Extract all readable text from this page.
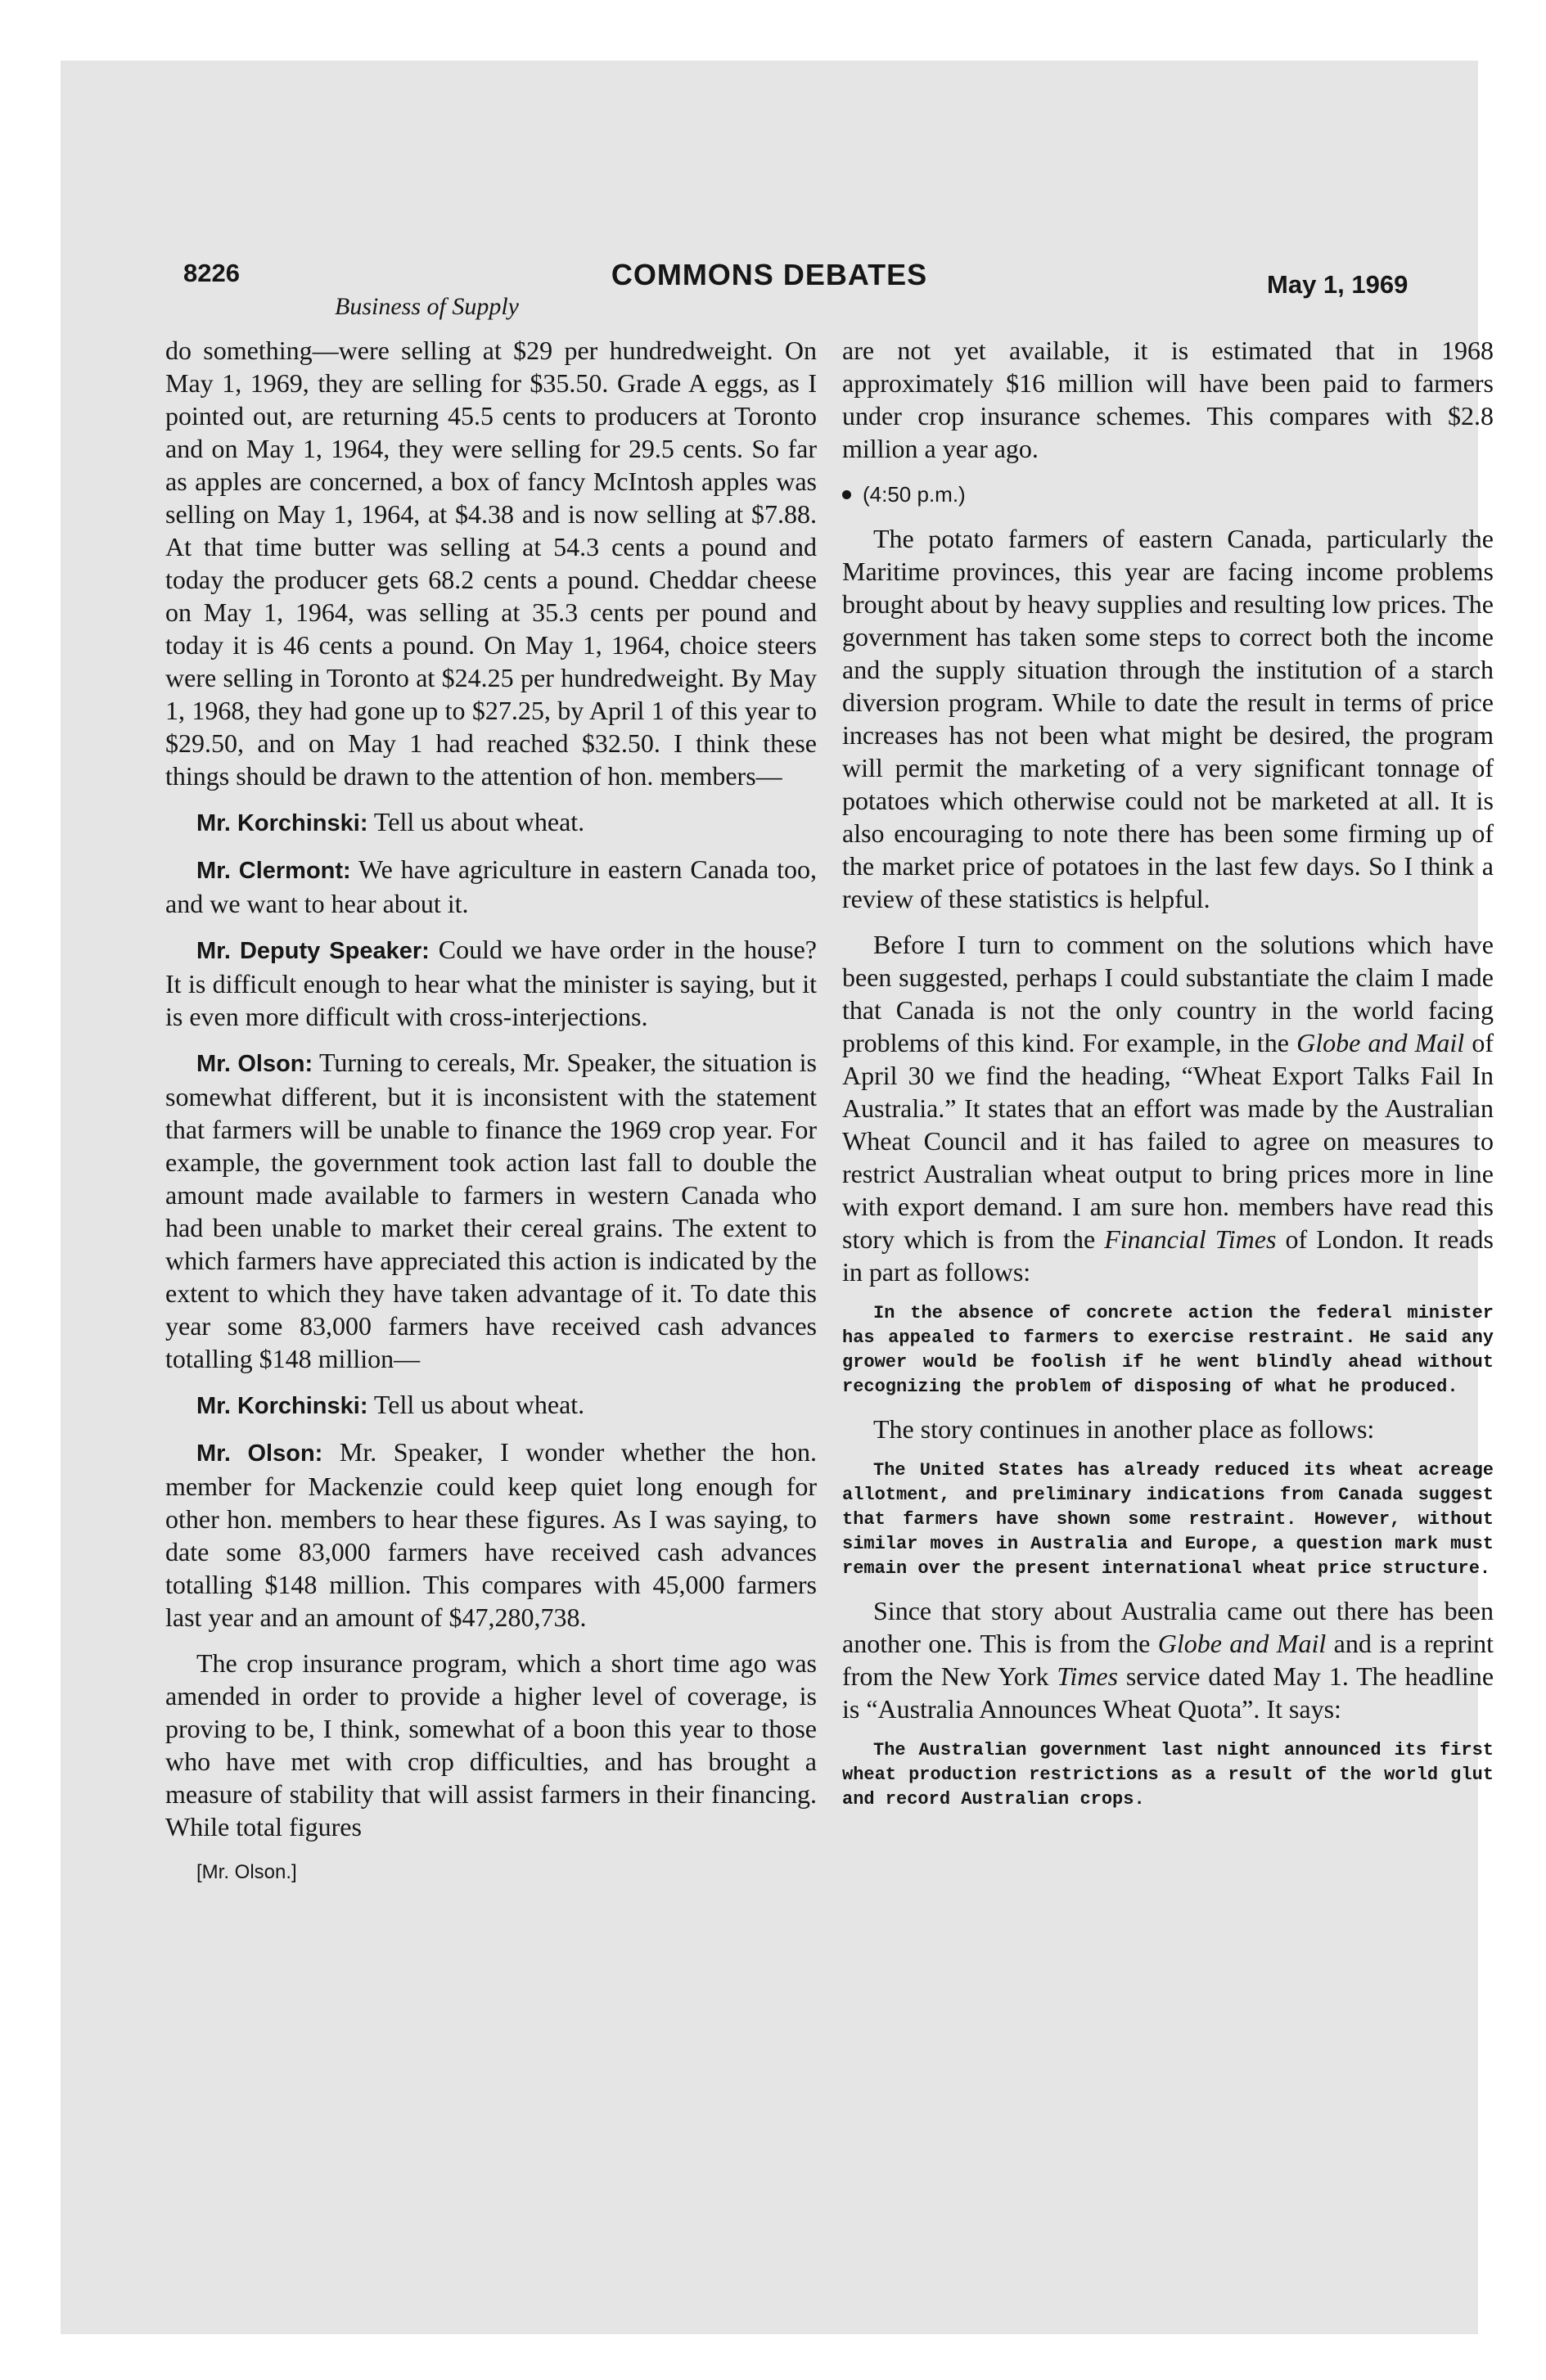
8226	COMMONS DEBATES	May 1, 1969
Business of Supply

do something—were selling at $29 per hundredweight. On May 1, 1969, they are selling for $35.50. Grade A eggs, as I pointed out, are returning 45.5 cents to producers at Toronto and on May 1, 1964, they were selling for 29.5 cents. So far as apples are concerned, a box of fancy McIntosh apples was selling on May 1, 1964, at $4.38 and is now selling at $7.88. At that time butter was selling at 54.3 cents a pound and today the producer gets 68.2 cents a pound. Cheddar cheese on May 1, 1964, was selling at 35.3 cents per pound and today it is 46 cents a pound. On May 1, 1964, choice steers were selling in Toronto at $24.25 per hundredweight. By May 1, 1968, they had gone up to $27.25, by April 1 of this year to $29.50, and on May 1 had reached $32.50. I think these things should be drawn to the attention of hon. members—

Mr. Korchinski: Tell us about wheat.

Mr. Clermont: We have agriculture in eastern Canada too, and we want to hear about it.

Mr. Deputy Speaker: Could we have order in the house? It is difficult enough to hear what the minister is saying, but it is even more difficult with cross-interjections.

Mr. Olson: Turning to cereals, Mr. Speaker, the situation is somewhat different, but it is inconsistent with the statement that farmers will be unable to finance the 1969 crop year. For example, the government took action last fall to double the amount made available to farmers in western Canada who had been unable to market their cereal grains. The extent to which farmers have appreciated this action is indicated by the extent to which they have taken advantage of it. To date this year some 83,000 farmers have received cash advances totalling $148 million—

Mr. Korchinski: Tell us about wheat.

Mr. Olson: Mr. Speaker, I wonder whether the hon. member for Mackenzie could keep quiet long enough for other hon. members to hear these figures. As I was saying, to date some 83,000 farmers have received cash advances totalling $148 million. This compares with 45,000 farmers last year and an amount of $47,280,738.

The crop insurance program, which a short time ago was amended in order to provide a higher level of coverage, is proving to be, I think, somewhat of a boon this year to those who have met with crop difficulties, and has brought a measure of stability that will assist farmers in their financing. While total figures

[Mr. Olson.]

are not yet available, it is estimated that in 1968 approximately $16 million will have been paid to farmers under crop insurance schemes. This compares with $2.8 million a year ago.

(4:50 p.m.)

The potato farmers of eastern Canada, particularly the Maritime provinces, this year are facing income problems brought about by heavy supplies and resulting low prices. The government has taken some steps to correct both the income and the supply situation through the institution of a starch diversion program. While to date the result in terms of price increases has not been what might be desired, the program will permit the marketing of a very significant tonnage of potatoes which otherwise could not be marketed at all. It is also encouraging to note there has been some firming up of the market price of potatoes in the last few days. So I think a review of these statistics is helpful.

Before I turn to comment on the solutions which have been suggested, perhaps I could substantiate the claim I made that Canada is not the only country in the world facing problems of this kind. For example, in the Globe and Mail of April 30 we find the heading, “Wheat Export Talks Fail In Australia.” It states that an effort was made by the Australian Wheat Council and it has failed to agree on measures to restrict Australian wheat output to bring prices more in line with export demand. I am sure hon. members have read this story which is from the Financial Times of London. It reads in part as follows:

In the absence of concrete action the federal minister has appealed to farmers to exercise restraint. He said any grower would be foolish if he went blindly ahead without recognizing the problem of disposing of what he produced.

The story continues in another place as follows:

The United States has already reduced its wheat acreage allotment, and preliminary indications from Canada suggest that farmers have shown some restraint. However, without similar moves in Australia and Europe, a question mark must remain over the present international wheat price structure.

Since that story about Australia came out there has been another one. This is from the Globe and Mail and is a reprint from the New York Times service dated May 1. The headline is “Australia Announces Wheat Quota”. It says:

The Australian government last night announced its first wheat production restrictions as a result of the world glut and record Australian crops.
